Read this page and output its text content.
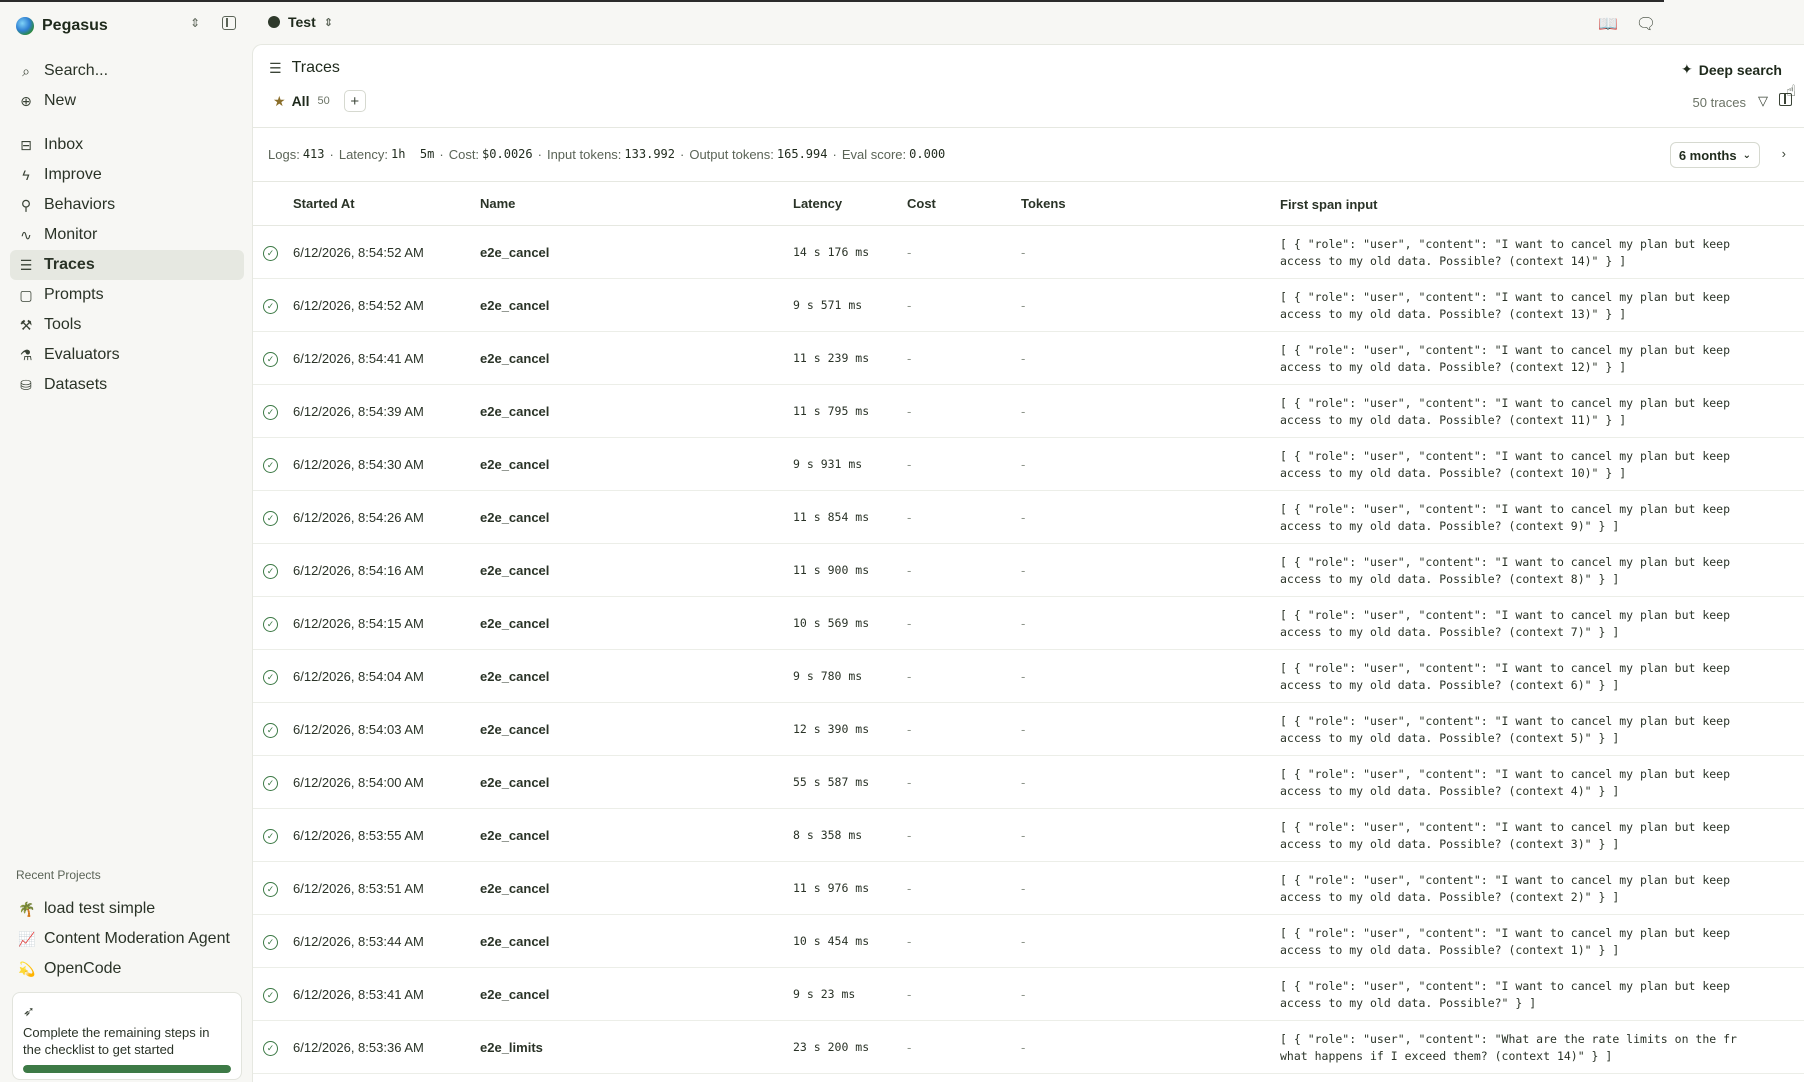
Pegasus	⇕
⌕ Search...
⊕ New
⊟ Inbox
ϟ Improve
⚲ Behaviors
∿ Monitor
☰ Traces
▢ Prompts
⚒ Tools
⚗ Evaluators
⛁ Datasets
Recent Projects
🌴 load test simple
📈 Content Moderation Agent
💫 OpenCode
➶
Complete the remaining steps in the checklist to get started
Test ⇕	📖 🗨
☰ Traces	✦ Deep search
☝
★ All 50	+	50 traces ▽
Logs: 413 · Latency: 1h  5m · Cost: $0.0026 · Input tokens: 133.992 · Output tokens: 165.994 · Eval score: 0.000	6 months ⌄ ›
Started At	Name	Latency	Cost	Tokens	First span input
✓	6/12/2026, 8:54:52 AM	e2e_cancel	14 s 176 ms	-	-
[ { "role": "user", "content": "I want to cancel my plan but keep
access to my old data. Possible? (context 14)" } ]
✓	6/12/2026, 8:54:52 AM	e2e_cancel	9 s 571 ms	-	-
[ { "role": "user", "content": "I want to cancel my plan but keep
access to my old data. Possible? (context 13)" } ]
✓	6/12/2026, 8:54:41 AM	e2e_cancel	11 s 239 ms	-	-
[ { "role": "user", "content": "I want to cancel my plan but keep
access to my old data. Possible? (context 12)" } ]
✓	6/12/2026, 8:54:39 AM	e2e_cancel	11 s 795 ms	-	-
[ { "role": "user", "content": "I want to cancel my plan but keep
access to my old data. Possible? (context 11)" } ]
✓	6/12/2026, 8:54:30 AM	e2e_cancel	9 s 931 ms	-	-
[ { "role": "user", "content": "I want to cancel my plan but keep
access to my old data. Possible? (context 10)" } ]
✓	6/12/2026, 8:54:26 AM	e2e_cancel	11 s 854 ms	-	-
[ { "role": "user", "content": "I want to cancel my plan but keep
access to my old data. Possible? (context 9)" } ]
✓	6/12/2026, 8:54:16 AM	e2e_cancel	11 s 900 ms	-	-
[ { "role": "user", "content": "I want to cancel my plan but keep
access to my old data. Possible? (context 8)" } ]
✓	6/12/2026, 8:54:15 AM	e2e_cancel	10 s 569 ms	-	-
[ { "role": "user", "content": "I want to cancel my plan but keep
access to my old data. Possible? (context 7)" } ]
✓	6/12/2026, 8:54:04 AM	e2e_cancel	9 s 780 ms	-	-
[ { "role": "user", "content": "I want to cancel my plan but keep
access to my old data. Possible? (context 6)" } ]
✓	6/12/2026, 8:54:03 AM	e2e_cancel	12 s 390 ms	-	-
[ { "role": "user", "content": "I want to cancel my plan but keep
access to my old data. Possible? (context 5)" } ]
✓	6/12/2026, 8:54:00 AM	e2e_cancel	55 s 587 ms	-	-
[ { "role": "user", "content": "I want to cancel my plan but keep
access to my old data. Possible? (context 4)" } ]
✓	6/12/2026, 8:53:55 AM	e2e_cancel	8 s 358 ms	-	-
[ { "role": "user", "content": "I want to cancel my plan but keep
access to my old data. Possible? (context 3)" } ]
✓	6/12/2026, 8:53:51 AM	e2e_cancel	11 s 976 ms	-	-
[ { "role": "user", "content": "I want to cancel my plan but keep
access to my old data. Possible? (context 2)" } ]
✓	6/12/2026, 8:53:44 AM	e2e_cancel	10 s 454 ms	-	-
[ { "role": "user", "content": "I want to cancel my plan but keep
access to my old data. Possible? (context 1)" } ]
✓	6/12/2026, 8:53:41 AM	e2e_cancel	9 s 23 ms	-	-
[ { "role": "user", "content": "I want to cancel my plan but keep
access to my old data. Possible?" } ]
✓	6/12/2026, 8:53:36 AM	e2e_limits	23 s 200 ms	-	-
[ { "role": "user", "content": "What are the rate limits on the fr
what happens if I exceed them? (context 14)" } ]
